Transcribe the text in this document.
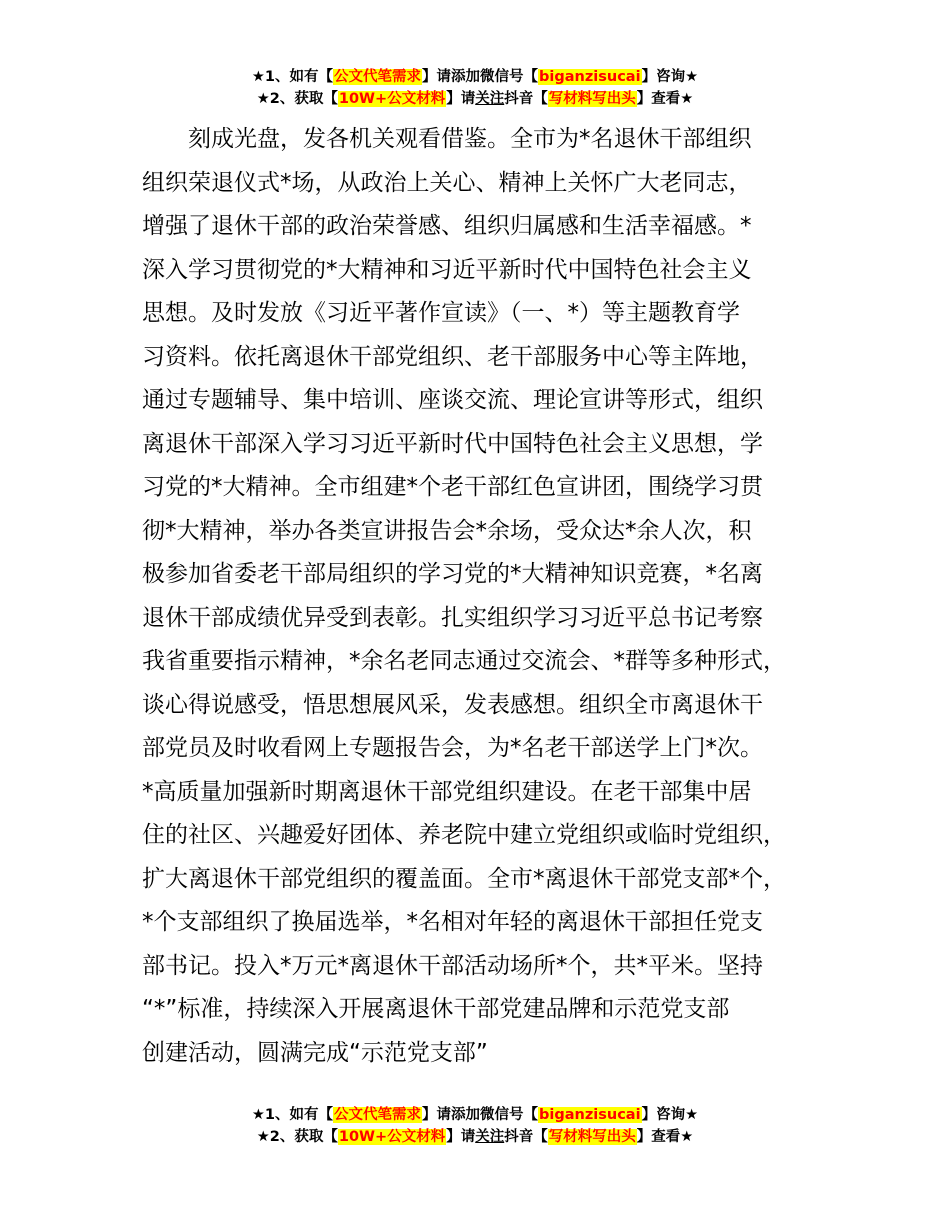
★1、如有【公文代笔需求】请添加微信号【biganzisucai】咨询★
★2、获取【10W+公文材料】请关注抖音【写材料写出头】查看★
刻成光盘，发各机关观看借鉴。全市为*名退休干部组织
组织荣退仪式*场，从政治上关心、精神上关怀广大老同志，
增强了退休干部的政治荣誉感、组织归属感和生活幸福感。*
深入学习贯彻党的*大精神和习近平新时代中国特色社会主义
思想。及时发放《习近平著作宣读》（一、*）等主题教育学
习资料。依托离退休干部党组织、老干部服务中心等主阵地，
通过专题辅导、集中培训、座谈交流、理论宣讲等形式，组织
离退休干部深入学习习近平新时代中国特色社会主义思想，学
习党的*大精神。全市组建*个老干部红色宣讲团，围绕学习贯
彻*大精神，举办各类宣讲报告会*余场，受众达*余人次，积
极参加省委老干部局组织的学习党的*大精神知识竞赛，*名离
退休干部成绩优异受到表彰。扎实组织学习习近平总书记考察
我省重要指示精神，*余名老同志通过交流会、*群等多种形式，
谈心得说感受，悟思想展风采，发表感想。组织全市离退休干
部党员及时收看网上专题报告会，为*名老干部送学上门*次。
*高质量加强新时期离退休干部党组织建设。在老干部集中居
住的社区、兴趣爱好团体、养老院中建立党组织或临时党组织，
扩大离退休干部党组织的覆盖面。全市*离退休干部党支部*个，
*个支部组织了换届选举，*名相对年轻的离退休干部担任党支
部书记。投入*万元*离退休干部活动场所*个，共*平米。坚持
“*”标准，持续深入开展离退休干部党建品牌和示范党支部
创建活动，圆满完成“示范党支部”
★1、如有【公文代笔需求】请添加微信号【biganzisucai】咨询★
★2、获取【10W+公文材料】请关注抖音【写材料写出头】查看★
